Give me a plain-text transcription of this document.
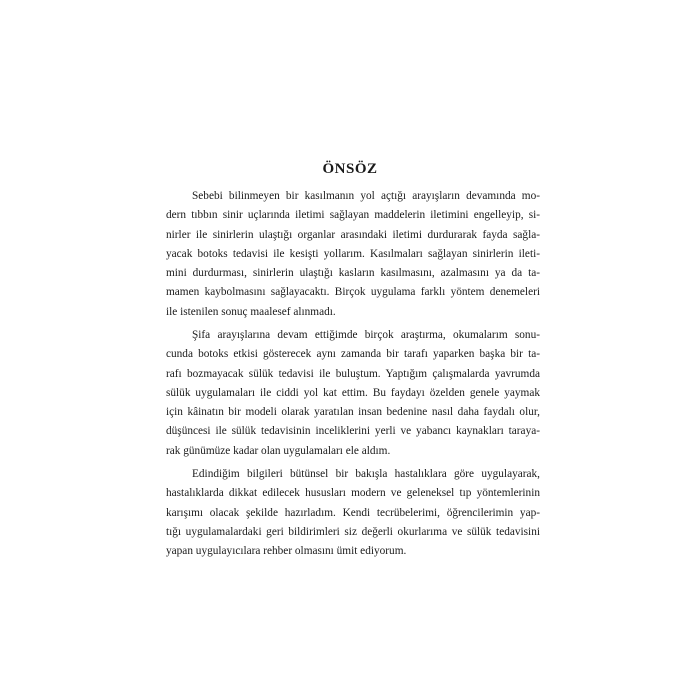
ÖNSÖZ

Sebebi bilinmeyen bir kasılmanın yol açtığı arayışların devamında mo-
dern tıbbın sinir uçlarında iletimi sağlayan maddelerin iletimini engelleyip, si-
nirler ile sinirlerin ulaştığı organlar arasındaki iletimi durdurarak fayda sağla-
yacak botoks tedavisi ile kesişti yollarım. Kasılmaları sağlayan sinirlerin ileti-
mini durdurması, sinirlerin ulaştığı kasların kasılmasını, azalmasını ya da ta-
mamen kaybolmasını sağlayacaktı. Birçok uygulama farklı yöntem denemeleri
ile istenilen sonuç maalesef alınmadı.

Şifa arayışlarına devam ettiğimde birçok araştırma, okumalarım sonu-
cunda botoks etkisi gösterecek aynı zamanda bir tarafı yaparken başka bir ta-
rafı bozmayacak sülük tedavisi ile buluştum. Yaptığım çalışmalarda yavrumda
sülük uygulamaları ile ciddi yol kat ettim. Bu faydayı özelden genele yaymak
için kâinatın bir modeli olarak yaratılan insan bedenine nasıl daha faydalı olur,
düşüncesi ile sülük tedavisinin inceliklerini yerli ve yabancı kaynakları taraya-
rak günümüze kadar olan uygulamaları ele aldım.

Edindiğim bilgileri bütünsel bir bakışla hastalıklara göre uygulayarak,
hastalıklarda dikkat edilecek hususları modern ve geleneksel tıp yöntemlerinin
karışımı olacak şekilde hazırladım. Kendi tecrübelerimi, öğrencilerimin yap-
tığı uygulamalardaki geri bildirimleri siz değerli okurlarıma ve sülük tedavisini
yapan uygulayıcılara rehber olmasını ümit ediyorum.
